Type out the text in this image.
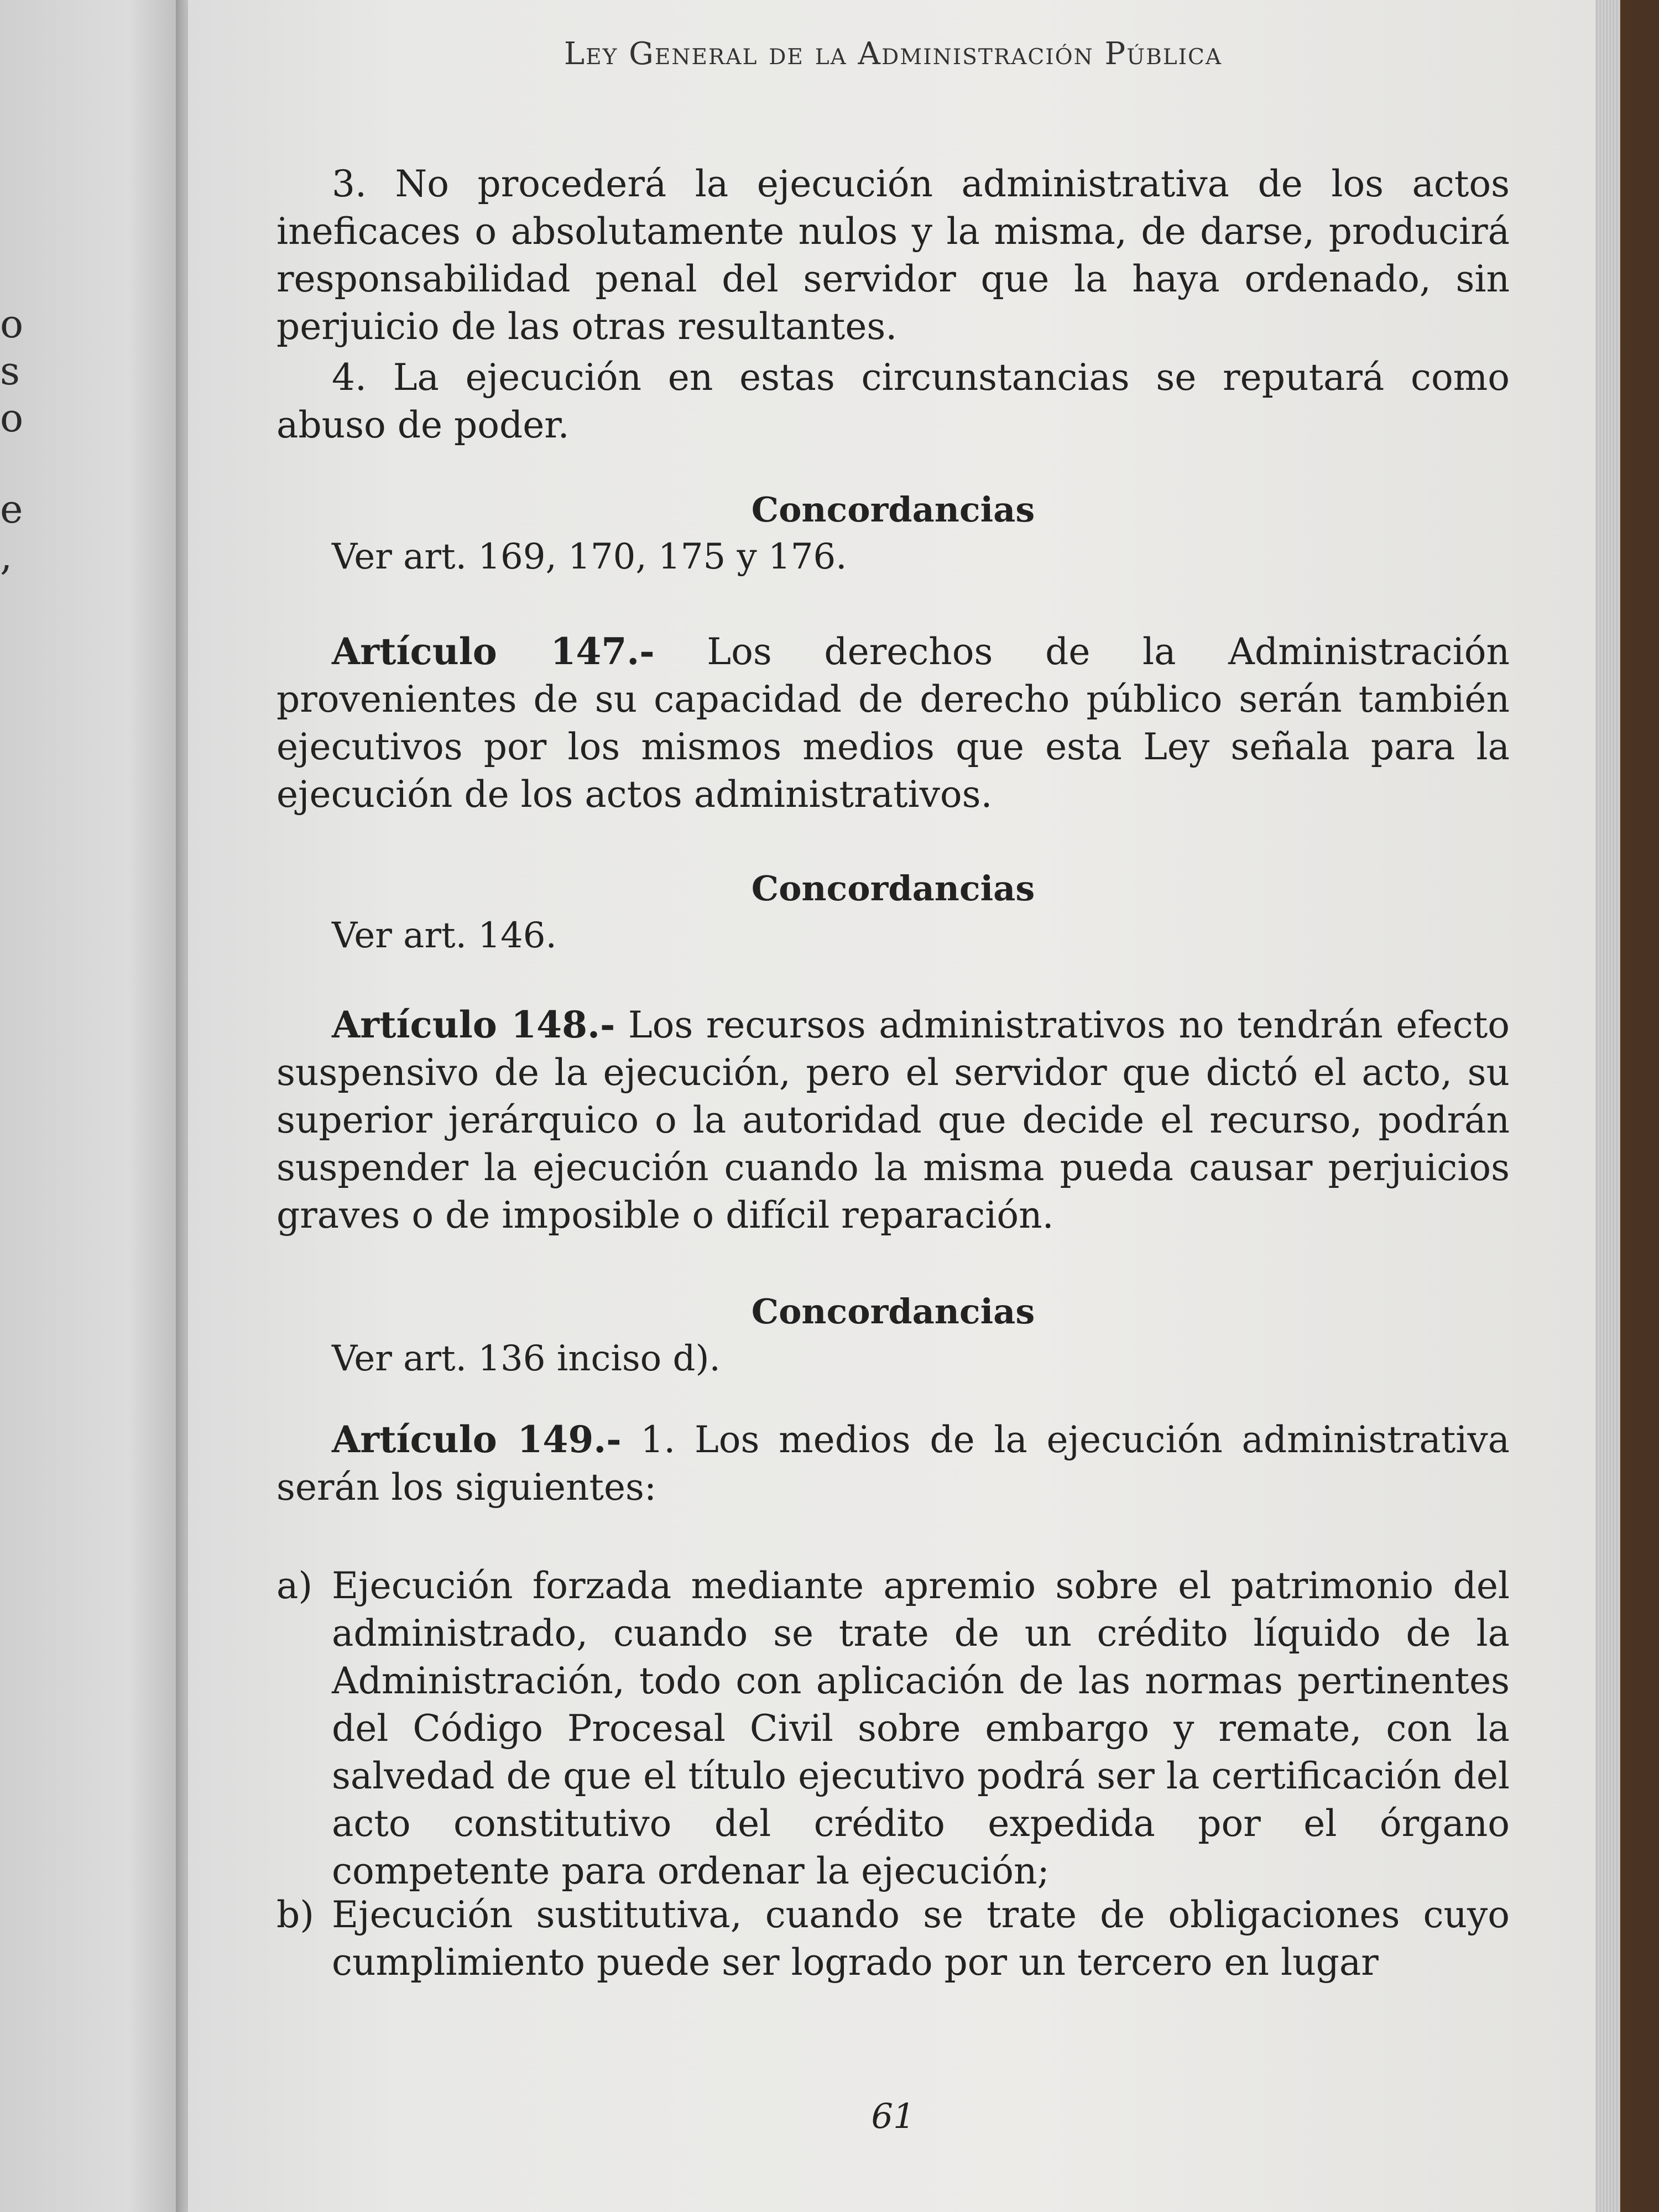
o
s
o
e
,
Ley General de la Administración Pública
3. No procederá la ejecución administrativa de los actos ineficaces o absolutamente nulos y la misma, de darse, producirá responsabilidad penal del servidor que la haya ordenado, sin perjuicio de las otras resultantes.
4. La ejecución en estas circunstancias se reputará como abuso de poder.
Concordancias
Ver art. 169, 170, 175 y 176.
Artículo 147.- Los derechos de la Administración provenientes de su capacidad de derecho público serán también ejecutivos por los mismos medios que esta Ley señala para la ejecución de los actos administrativos.
Concordancias
Ver art. 146.
Artículo 148.- Los recursos administrativos no tendrán efecto suspensivo de la ejecución, pero el servidor que dictó el acto, su superior jerárquico o la autoridad que decide el recurso, podrán suspender la ejecución cuando la misma pueda causar perjuicios graves o de imposible o difícil reparación.
Concordancias
Ver art. 136 inciso d).
Artículo 149.- 1. Los medios de la ejecución administrativa serán los siguientes:
a) Ejecución forzada mediante apremio sobre el patrimonio del administrado, cuando se trate de un crédito líquido de la Administración, todo con aplicación de las normas pertinentes del Código Procesal Civil sobre embargo y remate, con la salvedad de que el título ejecutivo podrá ser la certificación del acto constitutivo del crédito expedida por el órgano competente para ordenar la ejecución;
b) Ejecución sustitutiva, cuando se trate de obligaciones cuyo cumplimiento puede ser logrado por un tercero en lugar
61
